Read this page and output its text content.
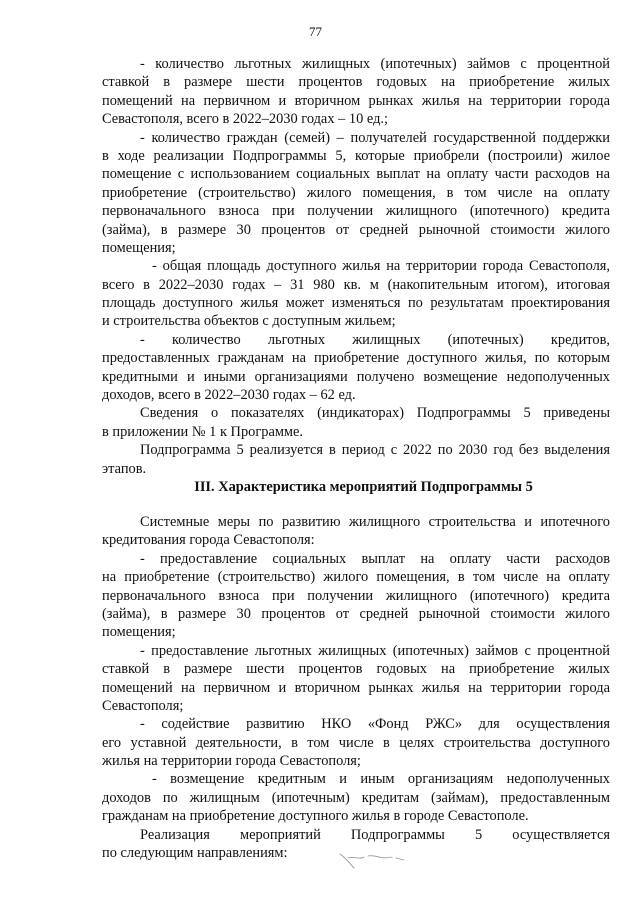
77
- количество льготных жилищных (ипотечных) займов с процентной
ставкой в размере шести процентов годовых на приобретение жилых
помещений на первичном и вторичном рынках жилья на территории города
Севастополя, всего в 2022–2030 годах – 10 ед.;
- количество граждан (семей) – получателей государственной поддержки
в ходе реализации Подпрограммы 5, которые приобрели (построили) жилое
помещение с использованием социальных выплат на оплату части расходов на
приобретение (строительство) жилого помещения, в том числе на оплату
первоначального взноса при получении жилищного (ипотечного) кредита
(займа), в размере 30 процентов от средней рыночной стоимости жилого
помещения;
- общая площадь доступного жилья на территории города Севастополя,
всего в 2022–2030 годах – 31 980 кв. м (накопительным итогом), итоговая
площадь доступного жилья может изменяться по результатам проектирования
и строительства объектов с доступным жильем;
- количество льготных жилищных (ипотечных) кредитов,
предоставленных гражданам на приобретение доступного жилья, по которым
кредитными и иными организациями получено возмещение недополученных
доходов, всего в 2022–2030 годах – 62 ед.
Сведения о показателях (индикаторах) Подпрограммы 5 приведены
в приложении № 1 к Программе.
Подпрограмма 5 реализуется в период с 2022 по 2030 год без выделения
этапов.
III. Характеристика мероприятий Подпрограммы 5
Системные меры по развитию жилищного строительства и ипотечного
кредитования города Севастополя:
- предоставление социальных выплат на оплату части расходов
на приобретение (строительство) жилого помещения, в том числе на оплату
первоначального взноса при получении жилищного (ипотечного) кредита
(займа), в размере 30 процентов от средней рыночной стоимости жилого
помещения;
- предоставление льготных жилищных (ипотечных) займов с процентной
ставкой в размере шести процентов годовых на приобретение жилых
помещений на первичном и вторичном рынках жилья на территории города
Севастополя;
- содействие развитию НКО «Фонд РЖС» для осуществления
его уставной деятельности, в том числе в целях строительства доступного
жилья на территории города Севастополя;
- возмещение кредитным и иным организациям недополученных
доходов по жилищным (ипотечным) кредитам (займам), предоставленным
гражданам на приобретение доступного жилья в городе Севастополе.
Реализация мероприятий Подпрограммы 5 осуществляется
по следующим направлениям:
